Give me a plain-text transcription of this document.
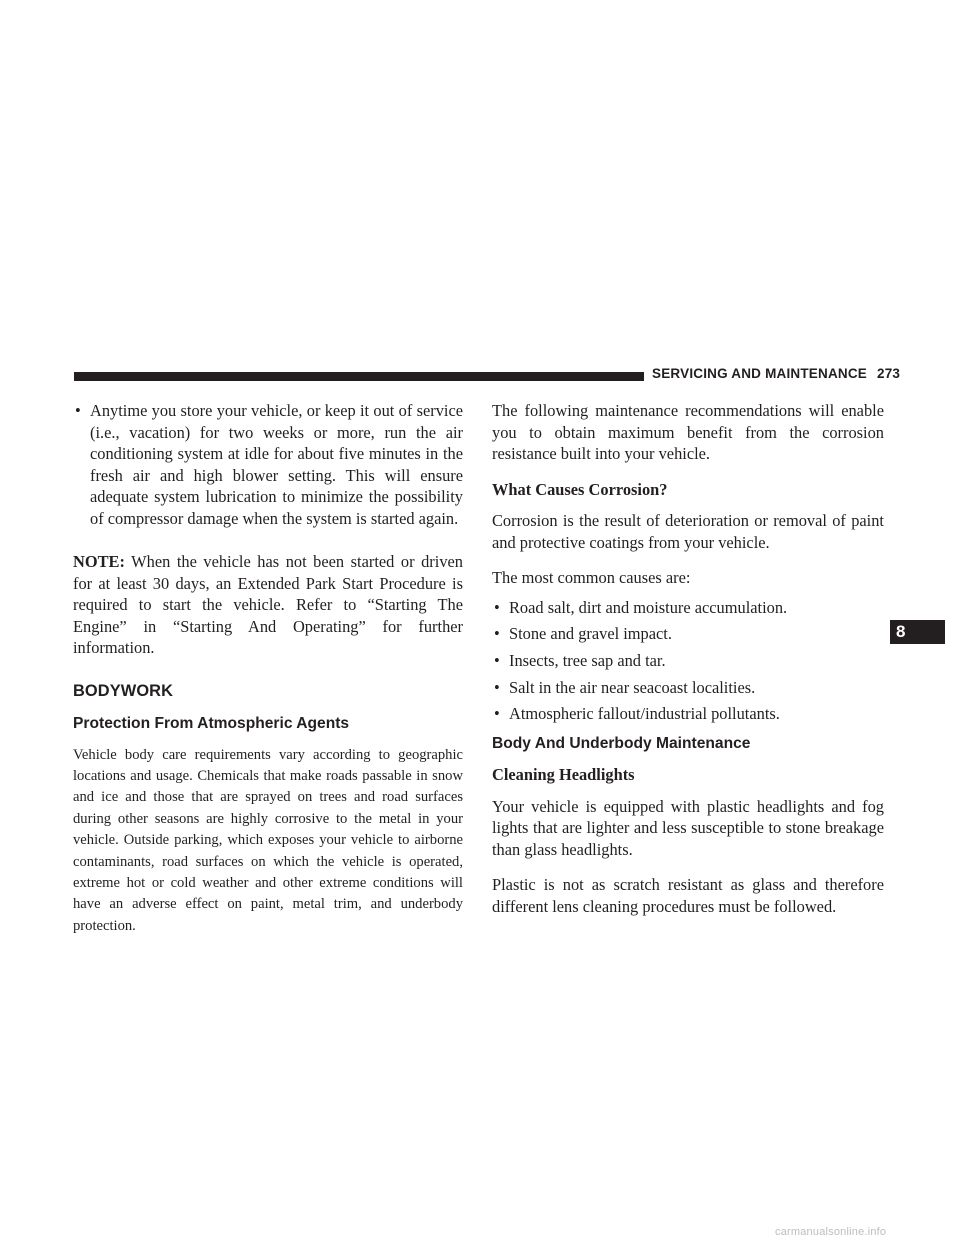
SERVICING AND MAINTENANCE 273
• Anytime you store your vehicle, or keep it out of service (i.e., vacation) for two weeks or more, run the air conditioning system at idle for about five minutes in the fresh air and high blower setting. This will ensure adequate system lubrication to minimize the possibility of compressor damage when the system is started again.

NOTE: When the vehicle has not been started or driven for at least 30 days, an Extended Park Start Procedure is required to start the vehicle. Refer to “Starting The Engine” in “Starting And Operating” for further information.

BODYWORK
Protection From Atmospheric Agents

Vehicle body care requirements vary according to geographic locations and usage. Chemicals that make roads passable in snow and ice and those that are sprayed on trees and road surfaces during other seasons are highly corrosive to the metal in your vehicle. Outside parking, which exposes your vehicle to airborne contaminants, road surfaces on which the vehicle is operated, extreme hot or cold weather and other extreme conditions will have an adverse effect on paint, metal trim, and underbody protection.

The following maintenance recommendations will enable you to obtain maximum benefit from the corrosion resistance built into your vehicle.

What Causes Corrosion?

Corrosion is the result of deterioration or removal of paint and protective coatings from your vehicle.

The most common causes are:

• Road salt, dirt and moisture accumulation.
• Stone and gravel impact.
• Insects, tree sap and tar.
• Salt in the air near seacoast localities.
• Atmospheric fallout/industrial pollutants.
Body And Underbody Maintenance
Cleaning Headlights

Your vehicle is equipped with plastic headlights and fog lights that are lighter and less susceptible to stone breakage than glass headlights.

Plastic is not as scratch resistant as glass and therefore different lens cleaning procedures must be followed.

8
carmanualsonline.info
